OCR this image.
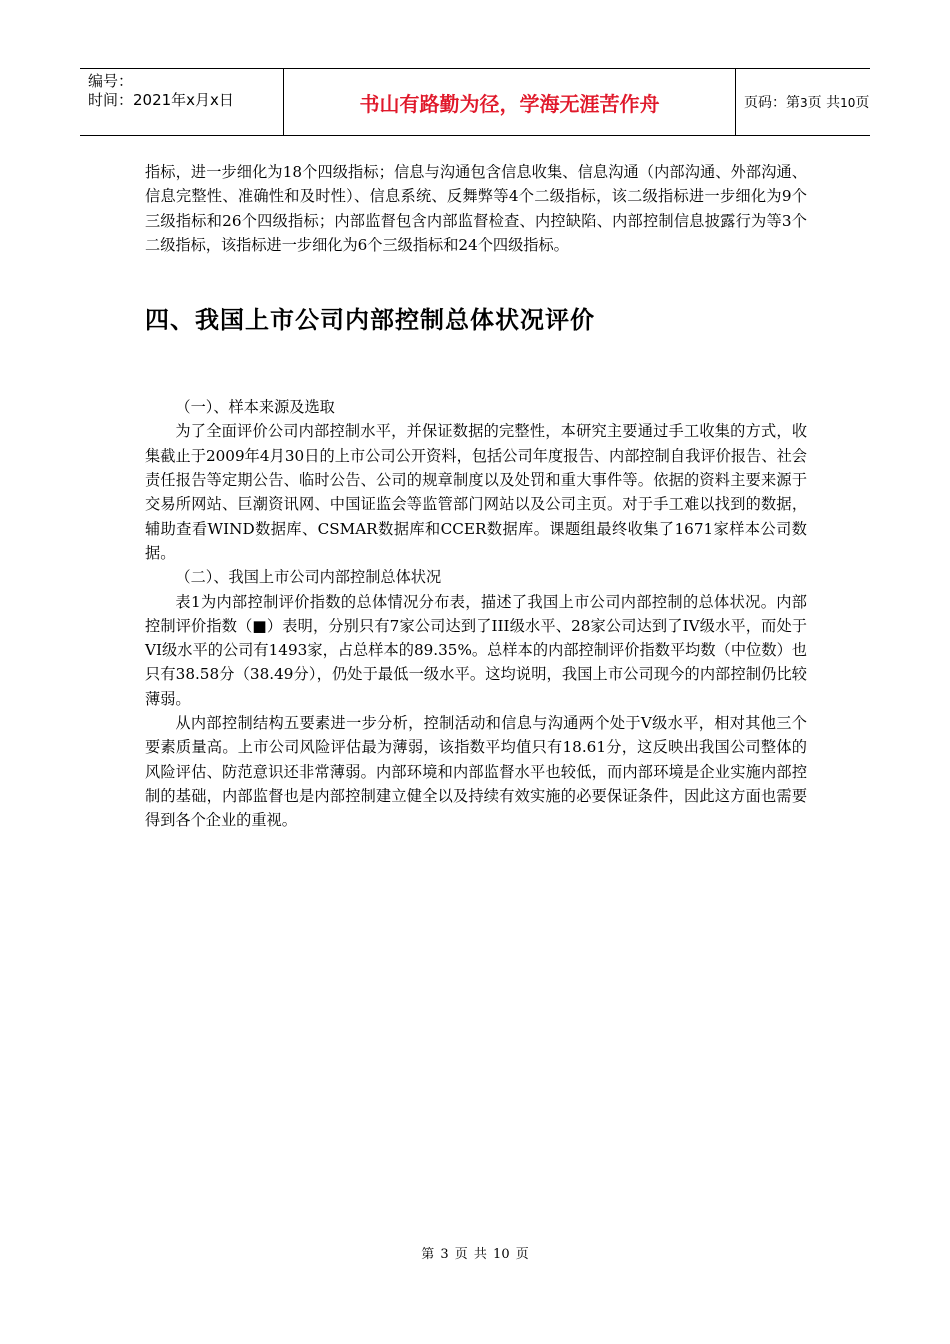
编号：
时间：2021年x月x日	书山有路勤为径，学海无涯苦作舟	页码：第3页 共10页

指标，进一步细化为18个四级指标；信息与沟通包含信息收集、信息沟通（内部沟通、外部沟通、信息完整性、准确性和及时性）、信息系统、反舞弊等4个二级指标，该二级指标进一步细化为9个三级指标和26个四级指标；内部监督包含内部监督检查、内控缺陷、内部控制信息披露行为等3个二级指标，该指标进一步细化为6个三级指标和24个四级指标。

四、我国上市公司内部控制总体状况评价
（一）、样本来源及选取

为了全面评价公司内部控制水平，并保证数据的完整性，本研究主要通过手工收集的方式，收集截止于2009年4月30日的上市公司公开资料，包括公司年度报告、内部控制自我评价报告、社会责任报告等定期公告、临时公告、公司的规章制度以及处罚和重大事件等。依据的资料主要来源于交易所网站、巨潮资讯网、中国证监会等监管部门网站以及公司主页。对于手工难以找到的数据，辅助查看WIND数据库、CSMAR数据库和CCER数据库。课题组最终收集了1671家样本公司数据。

（二）、我国上市公司内部控制总体状况

表1为内部控制评价指数的总体情况分布表，描述了我国上市公司内部控制的总体状况。内部控制评价指数（■）表明，分别只有7家公司达到了III级水平、28家公司达到了IV级水平，而处于VI级水平的公司有1493家，占总样本的89.35%。总样本的内部控制评价指数平均数（中位数）也只有38.58分（38.49分），仍处于最低一级水平。这均说明，我国上市公司现今的内部控制仍比较薄弱。

从内部控制结构五要素进一步分析，控制活动和信息与沟通两个处于V级水平，相对其他三个要素质量高。上市公司风险评估最为薄弱，该指数平均值只有18.61分，这反映出我国公司整体的风险评估、防范意识还非常薄弱。内部环境和内部监督水平也较低，而内部环境是企业实施内部控制的基础，内部监督也是内部控制建立健全以及持续有效实施的必要保证条件，因此这方面也需要得到各个企业的重视。

第 3 页 共 10 页
